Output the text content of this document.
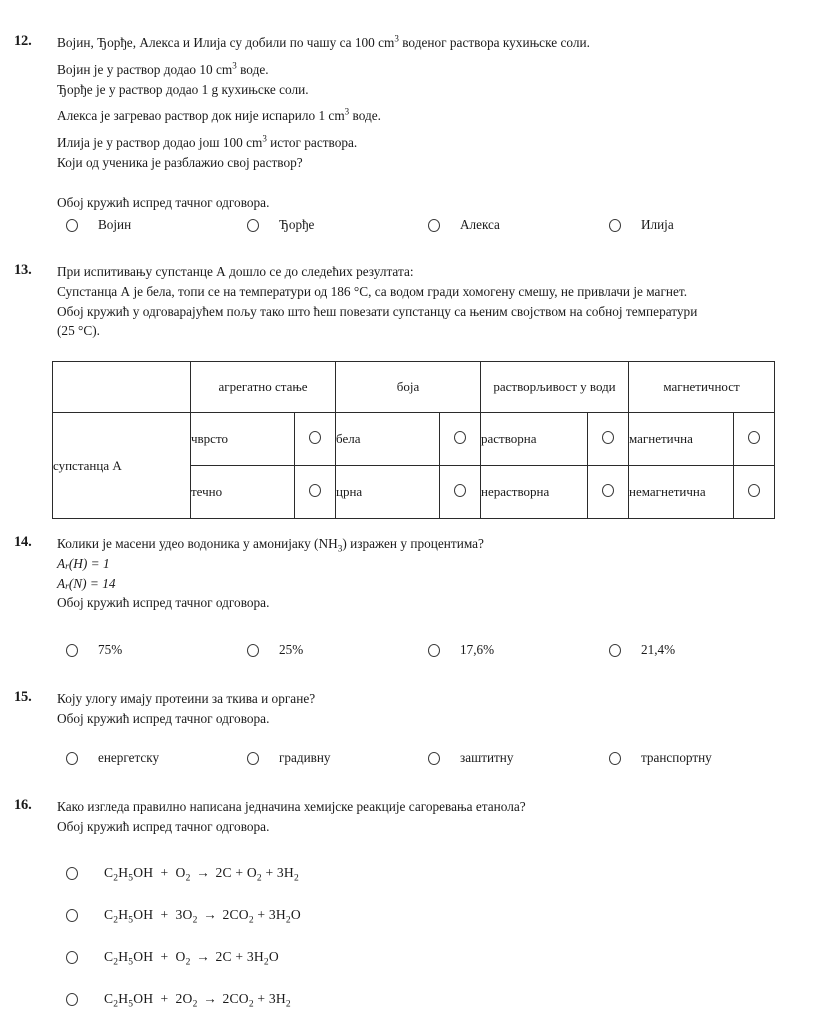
12.	Војин, Ђорђе, Алекса и Илија су добили по чашу са 100 $cm^3$ воденог раствора кухињске соли.
Војин је у раствор додао 10 $cm^3$ воде.
Ђорђе је у раствор додао 1 g кухињске соли.
Алекса је загревао раствор док није испарило 1 $cm^3$ воде.
Илија је у раствор додао још 100 $cm^3$ истог раствора.
Који од ученика је разблажио свој раствор?
Обој кружић испред тачног одговора.
Војин	Ђорђе	Алекса	Илија
13.	При испитивању супстанце А дошло се до следећих резултата:
Супстанца А је бела, топи се на температури од 186 °C, са водом гради хомогену смешу, не привлачи је магнет.
Обој кружић у одговарајућем пољу тако што ћеш повезати супстанцу са њеним својством на собној температури
(25 °C).
	агрегатно стање		боја		растворљивост у води		магнетичност	
супстанца А	чврсто		бела		растворна		магнетична	
	течно		црна		нерастворна		немагнетична	
14.	Колики је масени удео водоника у амонијаку $(NH_3)$ изражен у процентима?
$A_r(H) = 1$
$A_r(N) = 14$
Обој кружић испред тачног одговора.
75%	25%	17,6%	21,4%
15.	Коју улогу имају протеини за ткива и органе?
Обој кружић испред тачног одговора.
енергетску	градивну	заштитну	транспортну
16.	Како изгледа правилно написана једначина хемијске реакције сагоревања етанола?
Обој кружић испред тачног одговора.
$C_2H_5OH + O_2 \to 2C + O_2 + 3H_2$
$C_2H_5OH + 3O_2 \to 2CO_2 + 3H_2O$
$C_2H_5OH + O_2 \to 2C + 3H_2O$
$C_2H_5OH + 2O_2 \to 2CO_2 + 3H_2$
